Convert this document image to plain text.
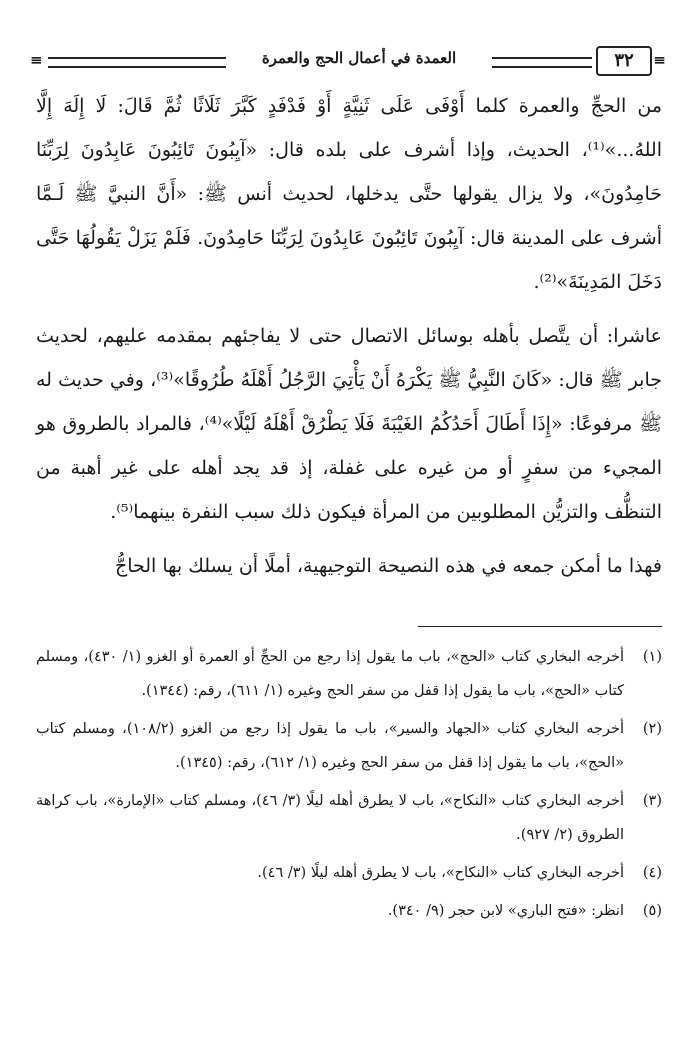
≡	العمدة في أعمال الحج والعمرة	٣٢	≡

من الحجِّ والعمرة كلما أَوْفَى عَلَى ثَنِيَّةٍ أَوْ فَدْفَدٍ كَبَّرَ ثَلَاثًا ثُمَّ قَالَ: لَا إِلَهَ إِلَّا اللهُ...»⁽¹⁾، الحديث، وإذا أشرف على بلده قال: «آيِبُونَ تَائِبُونَ عَابِدُونَ لِرَبِّنَا حَامِدُونَ»، ولا يزال يقولها حتَّى يدخلها، لحديث أنس ﷺ: «أَنَّ النبيَّ ﷺ لَـمَّا أشرف على المدينة قال: آيِبُونَ تَائِبُونَ عَابِدُونَ لِرَبِّنَا حَامِدُونَ. فَلَمْ يَزَلْ يَقُولُهَا حَتَّى دَخَلَ المَدِينَةَ»⁽²⁾.

عاشرا: أن يتَّصل بأهله بوسائل الاتصال حتى لا يفاجئهم بمقدمه عليهم، لحديث جابر ﷺ قال: «كَانَ النَّبِيُّ ﷺ يَكْرَهُ أَنْ يَأْتِيَ الرَّجُلُ أَهْلَهُ طُرُوقًا»⁽³⁾، وفي حديث له ﷺ مرفوعًا: «إِذَا أَطَالَ أَحَدُكُمُ الغَيْبَةَ فَلَا يَطْرُقْ أَهْلَهُ لَيْلًا»⁽⁴⁾، فالمراد بالطروق هو المجيء من سفرٍ أو من غيره على غفلة، إذ قد يجد أهله على غير أهبة من التنظُّف والتزيُّن المطلوبين من المرأة فيكون ذلك سبب النفرة بينهما⁽⁵⁾.

فهذا ما أمكن جمعه في هذه النصيحة التوجيهية، أملًا أن يسلك بها الحاجُّ

(١)
أخرجه البخاري كتاب «الحج»، باب ما يقول إذا رجع من الحجِّ أو العمرة أو الغزو (١/ ٤٣٠)، ومسلم كتاب «الحج»، باب ما يقول إذا قفل من سفر الحج وغيره (١/ ٦١١)، رقم: (١٣٤٤).
(٢)
أخرجه البخاري كتاب «الجهاد والسير»، باب ما يقول إذا رجع من الغزو (١٠٨/٢)، ومسلم كتاب «الحج»، باب ما يقول إذا قفل من سفر الحج وغيره (١/ ٦١٢)، رقم: (١٣٤٥).
(٣)
أخرجه البخاري كتاب «النكاح»، باب لا يطرق أهله ليلًا (٣/ ٤٦)، ومسلم كتاب «الإمارة»، باب كراهة الطروق (٢/ ٩٢٧).
(٤)
أخرجه البخاري كتاب «النكاح»، باب لا يطرق أهله ليلًا (٣/ ٤٦).
(٥)
انظر: «فتح الباري» لابن حجر (٩/ ٣٤٠).
